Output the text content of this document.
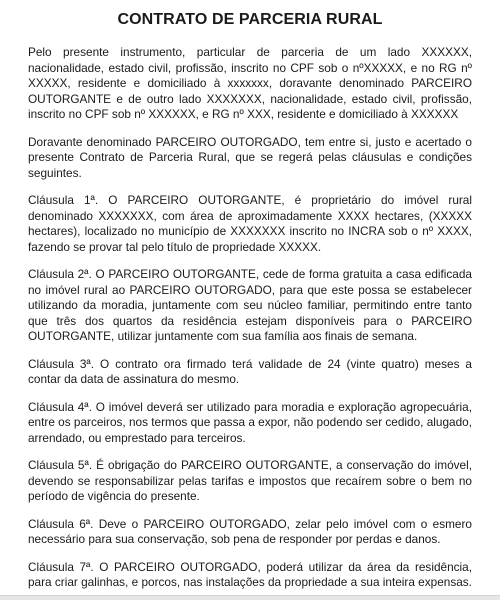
CONTRATO DE PARCERIA RURAL

Pelo presente instrumento, particular de parceria de um lado XXXXXX, nacionalidade, estado civil, profissão, inscrito no CPF sob o nºXXXXX, e no RG nº XXXXX, residente e domiciliado à xxxxxxx, doravante denominado PARCEIRO OUTORGANTE e de outro lado XXXXXXX, nacionalidade, estado civil, profissão, inscrito no CPF sob nº XXXXXX, e RG nº XXX, residente e domiciliado à XXXXXX

Doravante denominado PARCEIRO OUTORGADO, tem entre si, justo e acertado o presente Contrato de Parceria Rural, que se regerá pelas cláusulas e condições seguintes.

Cláusula 1ª. O PARCEIRO OUTORGANTE, é proprietário do imóvel rural denominado XXXXXXX, com área de aproximadamente XXXX hectares, (XXXXX hectares), localizado no município de XXXXXXX inscrito no INCRA sob o nº XXXX, fazendo se provar tal pelo título de propriedade XXXXX.

Cláusula 2ª. O PARCEIRO OUTORGANTE, cede de forma gratuita a casa edificada no imóvel rural ao PARCEIRO OUTORGADO, para que este possa se estabelecer utilizando da moradia, juntamente com seu núcleo familiar, permitindo entre tanto que três dos quartos da residência estejam disponíveis para o PARCEIRO OUTORGANTE, utilizar juntamente com sua família aos finais de semana.

Cláusula 3ª. O contrato ora firmado terá validade de 24 (vinte quatro) meses a contar da data de assinatura do mesmo.

Cláusula 4ª. O imóvel deverá ser utilizado para moradia e exploração agropecuária, entre os parceiros, nos termos que passa a expor, não podendo ser cedido, alugado, arrendado, ou emprestado para terceiros.

Cláusula 5ª. É obrigação do PARCEIRO OUTORGANTE, a conservação do imóvel, devendo se responsabilizar pelas tarifas e impostos que recaírem sobre o bem no período de vigência do presente.

Cláusula 6ª. Deve o PARCEIRO OUTORGADO, zelar pelo imóvel com o esmero necessário para sua conservação, sob pena de responder por perdas e danos.

Cláusula 7ª. O PARCEIRO OUTORGADO, poderá utilizar da área da residência, para criar galinhas, e porcos, nas instalações da propriedade a sua inteira expensas.
